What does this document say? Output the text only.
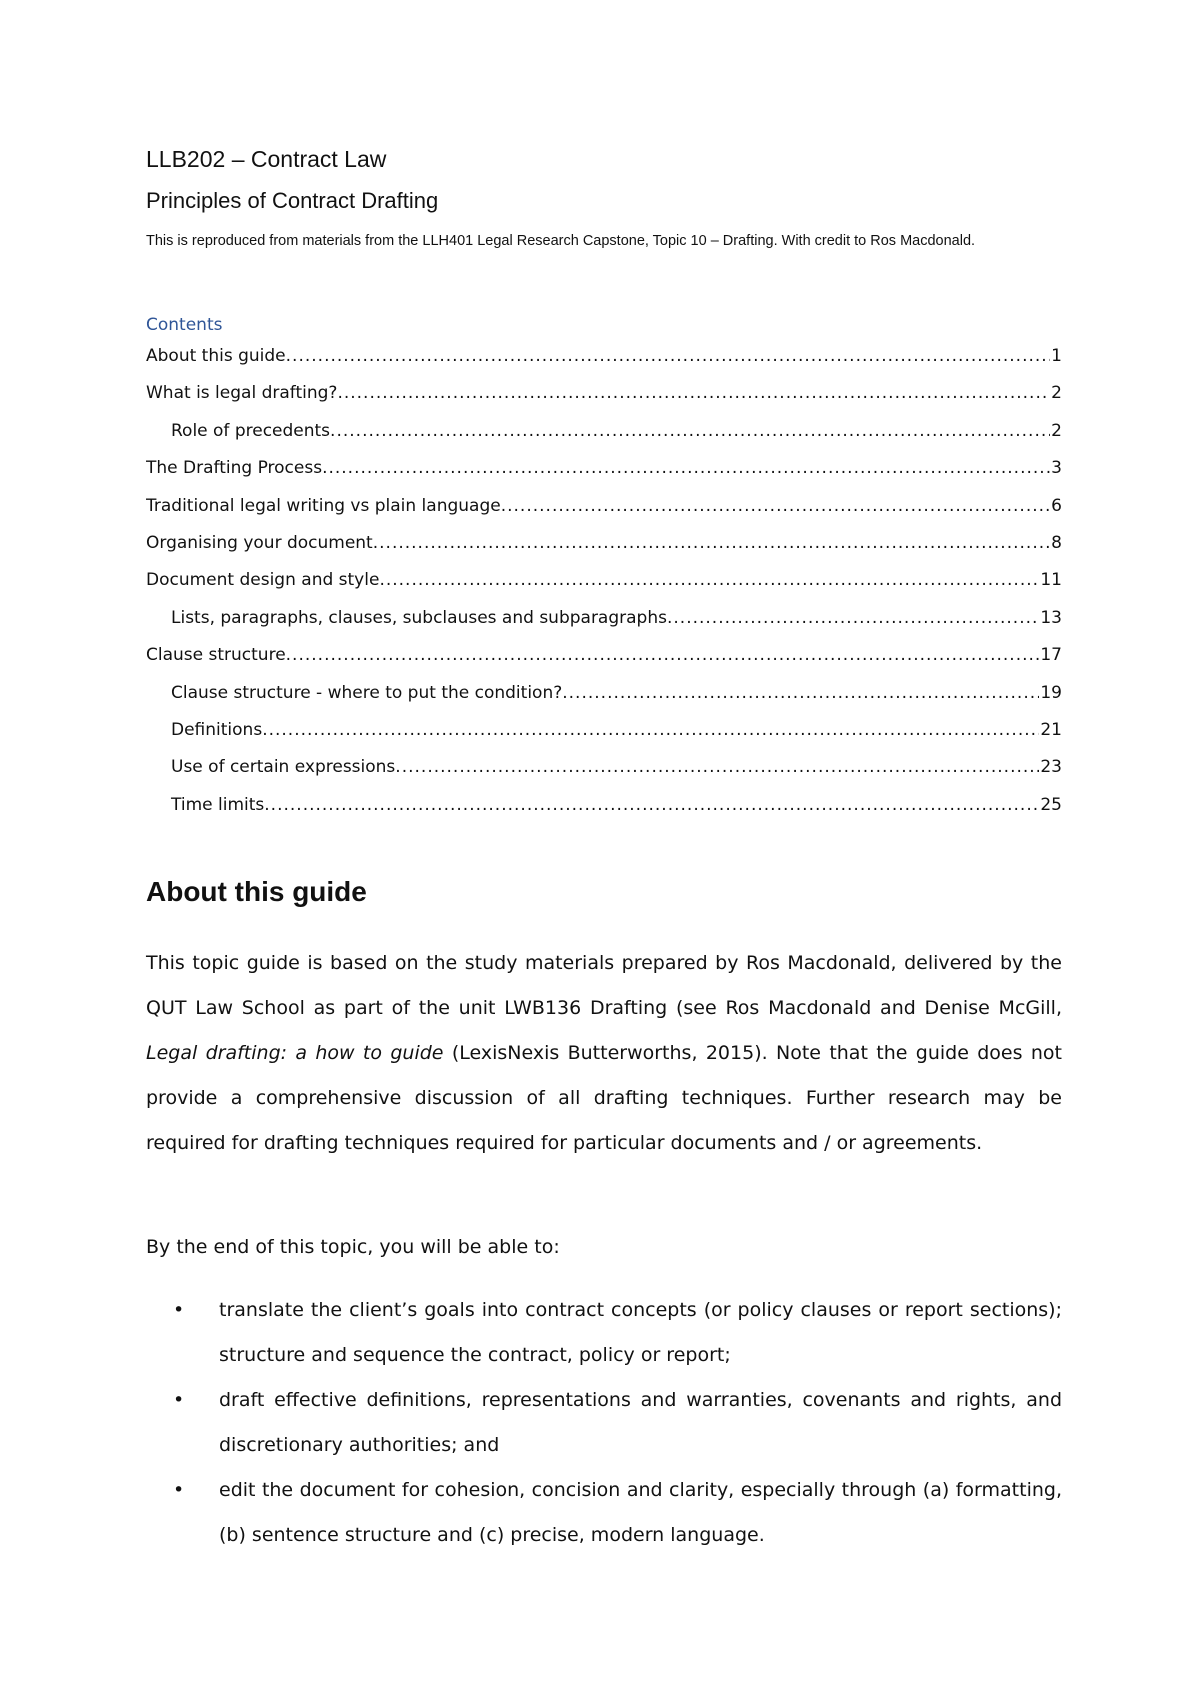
LLB202 – Contract Law
Principles of Contract Drafting
This is reproduced from materials from the LLH401 Legal Research Capstone, Topic 10 – Drafting. With credit to Ros Macdonald.
Contents
About this guide .....	1
What is legal drafting? .....	2
Role of precedents .....	2
The Drafting Process .....	3
Traditional legal writing vs plain language .....	6
Organising your document .....	8
Document design and style .....	11
Lists, paragraphs, clauses, subclauses and subparagraphs .....	13
Clause structure .....	17
Clause structure - where to put the condition? .....	19
Definitions .....	21
Use of certain expressions .....	23
Time limits .....	25
About this guide

This topic guide is based on the study materials prepared by Ros Macdonald, delivered by the QUT Law School as part of the unit LWB136 Drafting (see Ros Macdonald and Denise McGill, Legal drafting: a how to guide (LexisNexis Butterworths, 2015). Note that the guide does not provide a comprehensive discussion of all drafting techniques. Further research may be required for drafting techniques required for particular documents and / or agreements.

By the end of this topic, you will be able to:

• translate the client’s goals into contract concepts (or policy clauses or report sections); structure and sequence the contract, policy or report;
• draft effective definitions, representations and warranties, covenants and rights, and discretionary authorities; and
• edit the document for cohesion, concision and clarity, especially through (a) formatting, (b) sentence structure and (c) precise, modern language.
